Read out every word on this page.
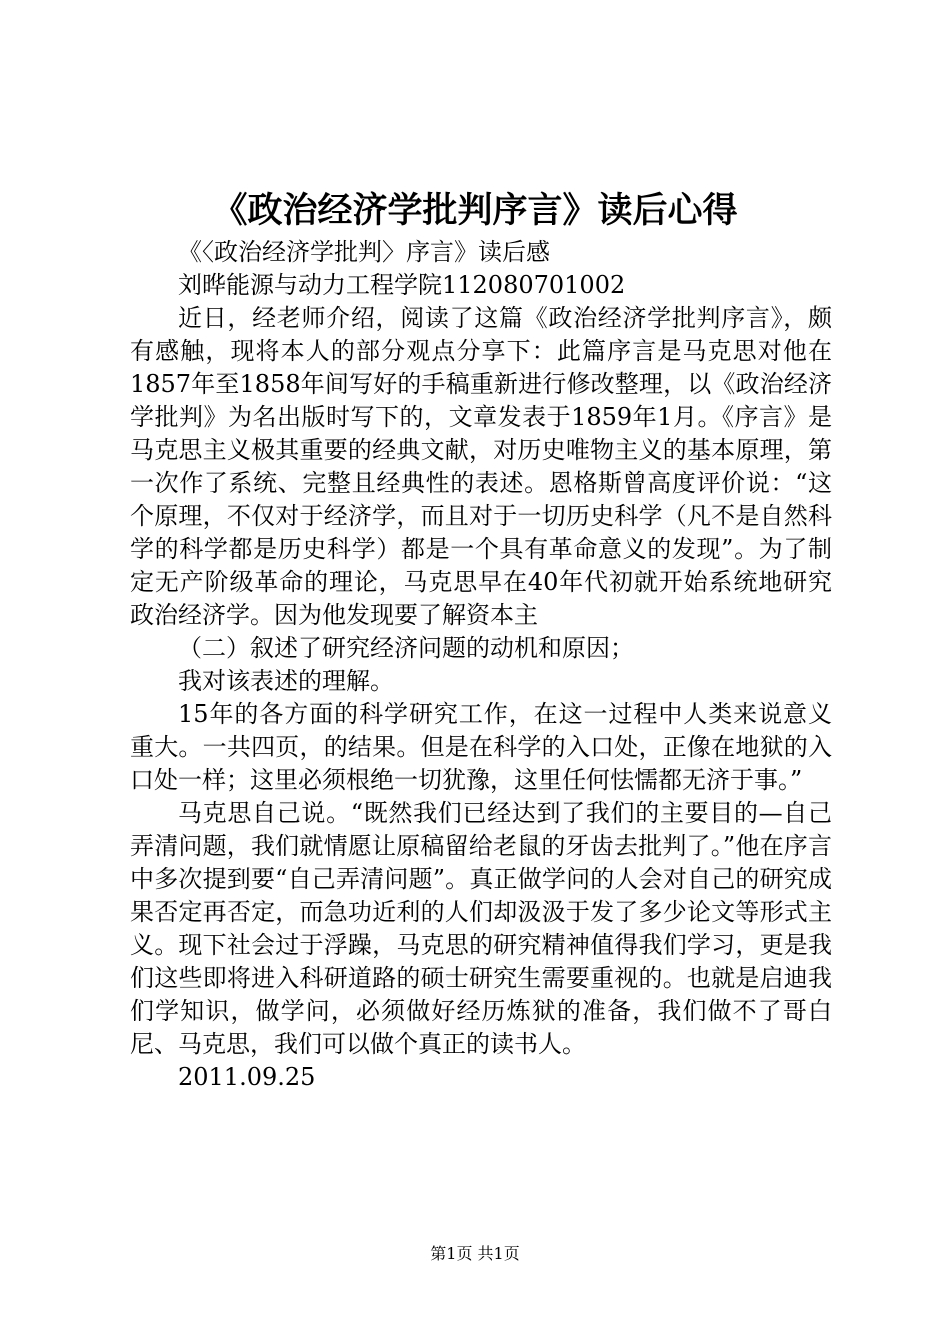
《政治经济学批判序言》读后心得

《〈政治经济学批判〉序言》读后感

刘晔能源与动力工程学院112080701002

近日，经老师介绍，阅读了这篇《政治经济学批判序言》，颇有感触，现将本人的部分观点分享下：此篇序言是马克思对他在1857年至1858年间写好的手稿重新进行修改整理，以《政治经济学批判》为名出版时写下的，文章发表于1859年1月。《序言》是马克思主义极其重要的经典文献，对历史唯物主义的基本原理，第一次作了系统、完整且经典性的表述。恩格斯曾高度评价说：“这个原理，不仅对于经济学，而且对于一切历史科学（凡不是自然科学的科学都是历史科学）都是一个具有革命意义的发现”。为了制定无产阶级革命的理论，马克思早在40年代初就开始系统地研究政治经济学。因为他发现要了解资本主

（二）叙述了研究经济问题的动机和原因；

我对该表述的理解。

15年的各方面的科学研究工作，在这一过程中人类来说意义重大。一共四页，的结果。但是在科学的入口处，正像在地狱的入口处一样；这里必须根绝一切犹豫，这里任何怯懦都无济于事。”

马克思自己说。“既然我们已经达到了我们的主要目的—自己弄清问题，我们就情愿让原稿留给老鼠的牙齿去批判了。”他在序言中多次提到要“自己弄清问题”。真正做学问的人会对自己的研究成果否定再否定，而急功近利的人们却汲汲于发了多少论文等形式主义。现下社会过于浮躁，马克思的研究精神值得我们学习，更是我们这些即将进入科研道路的硕士研究生需要重视的。也就是启迪我们学知识，做学问，必须做好经历炼狱的准备，我们做不了哥白尼、马克思，我们可以做个真正的读书人。

2011.09.25

第1页 共1页
